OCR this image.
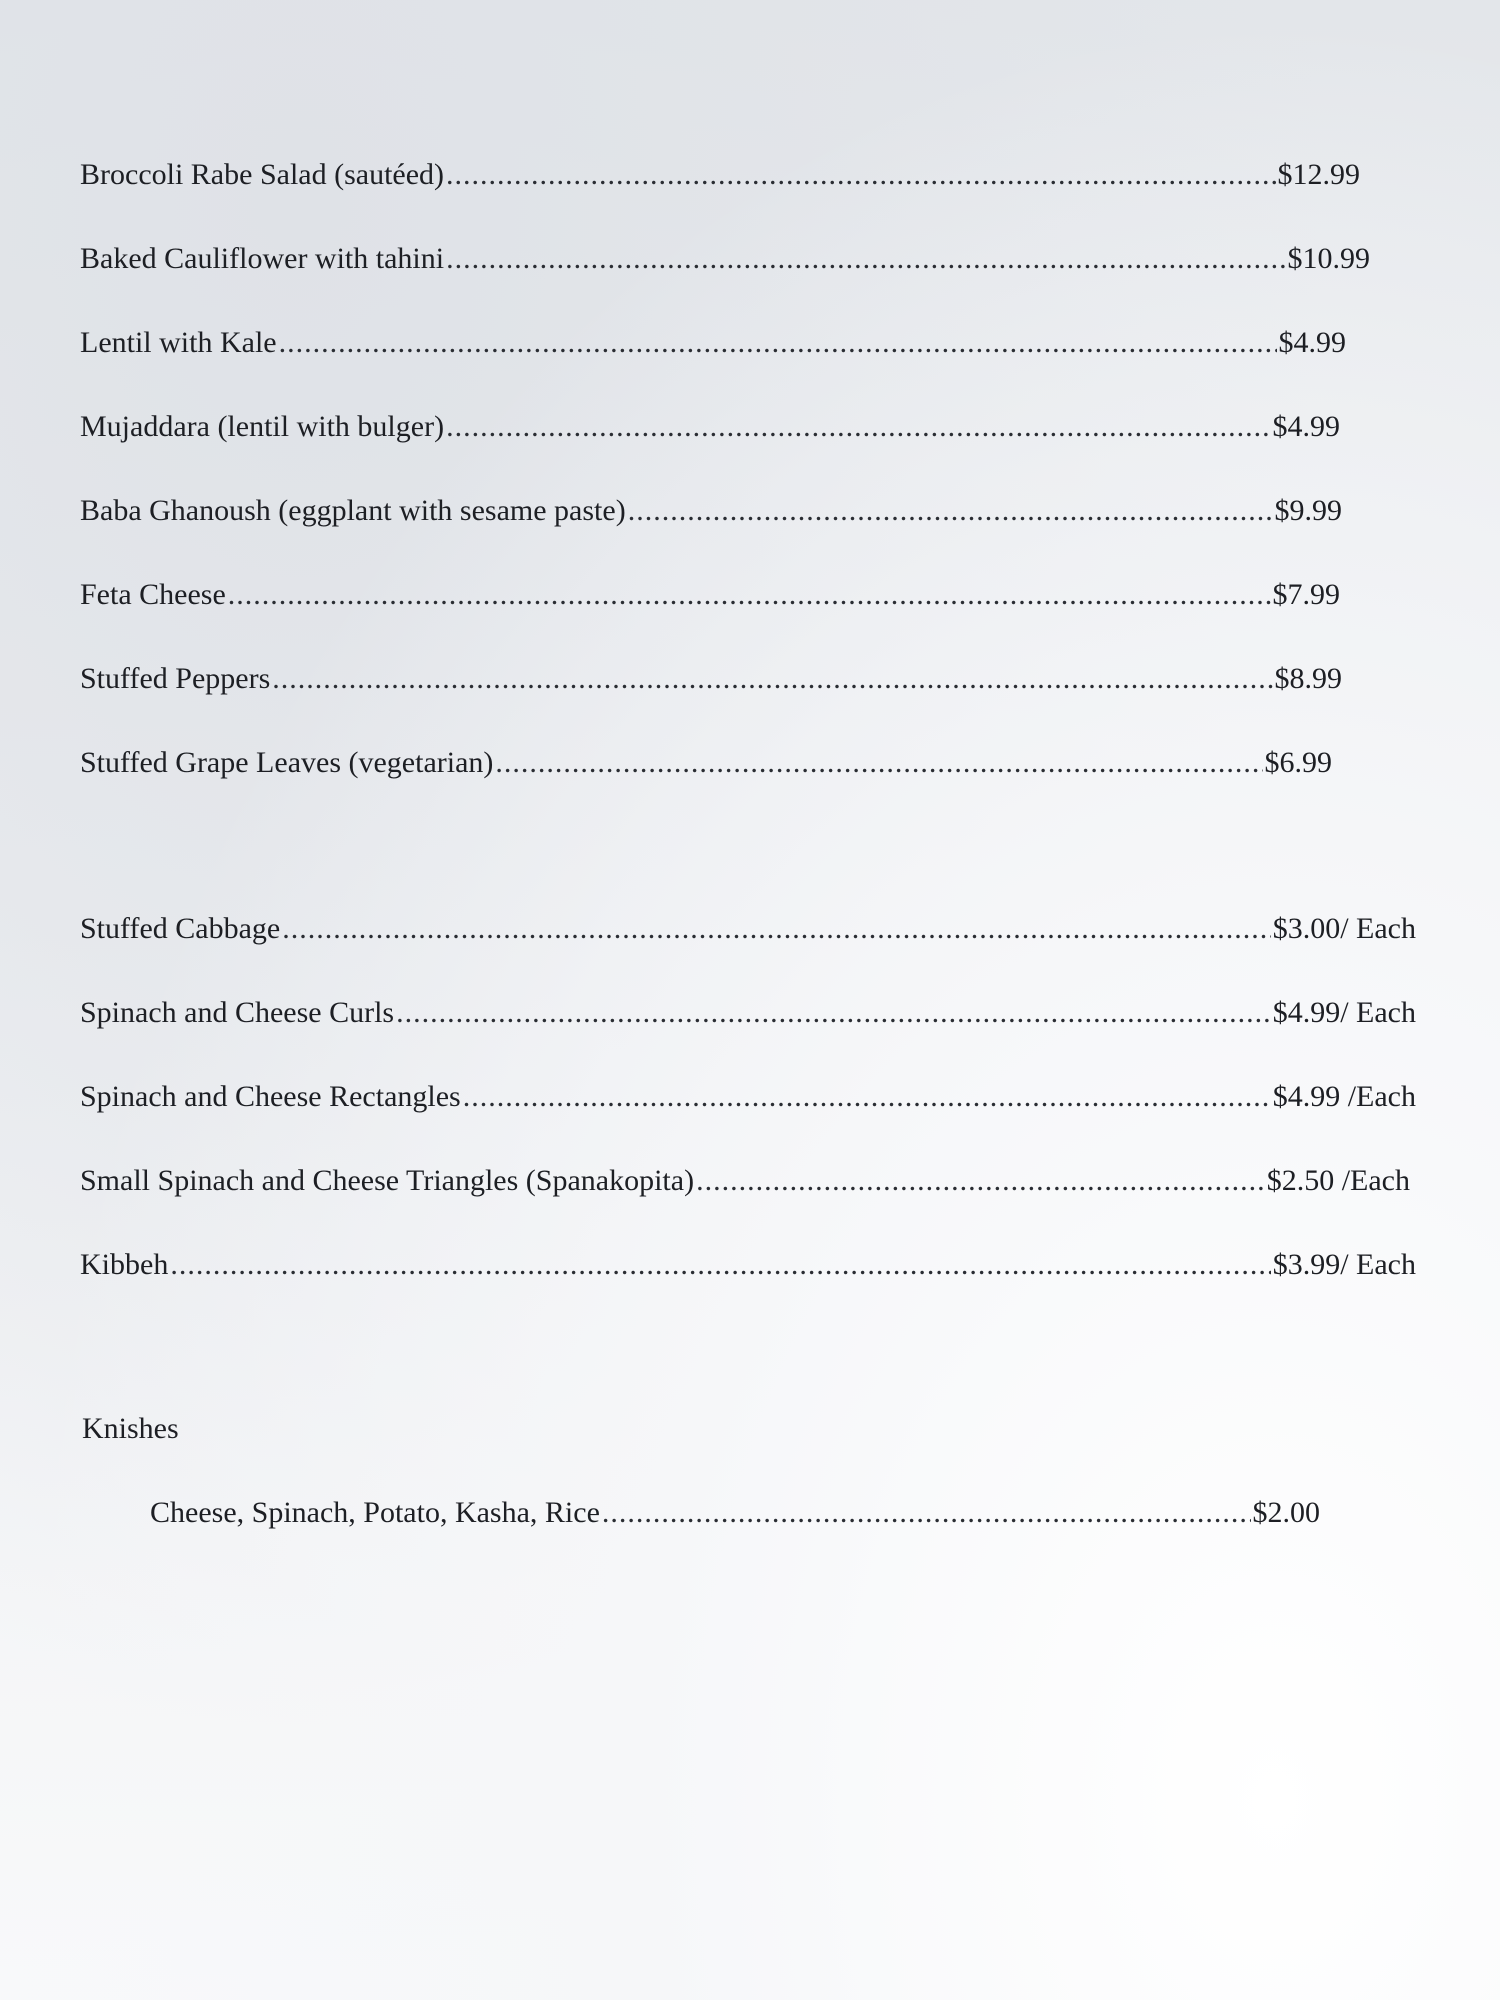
Broccoli Rabe Salad (sautéed) .....	$12.99
Baked Cauliflower with tahini .....	$10.99
Lentil with Kale .....	$4.99
Mujaddara (lentil with bulger) .....	$4.99
Baba Ghanoush (eggplant with sesame paste) .....	$9.99
Feta Cheese .....	$7.99
Stuffed Peppers .....	$8.99
Stuffed Grape Leaves (vegetarian) .....	$6.99
Stuffed Cabbage .....	$3.00/ Each
Spinach and Cheese Curls .....	$4.99/ Each
Spinach and Cheese Rectangles .....	$4.99 /Each
Small Spinach and Cheese Triangles (Spanakopita) .....	$2.50 /Each
Kibbeh .....	$3.99/ Each
Knishes
Cheese, Spinach, Potato, Kasha, Rice .....	$2.00
